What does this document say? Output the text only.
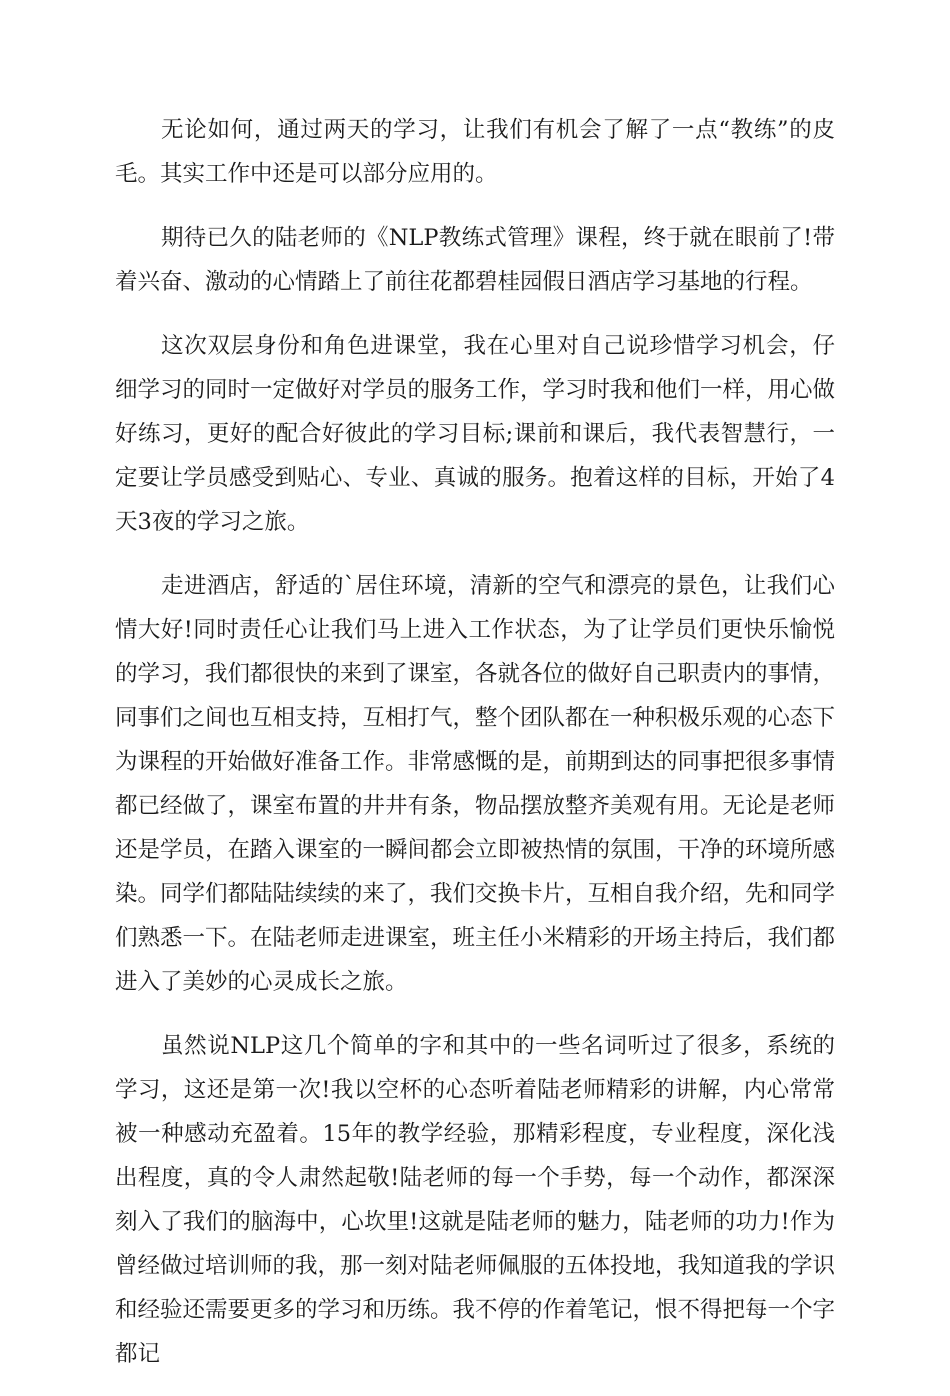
无论如何，通过两天的学习，让我们有机会了解了一点“教练”的皮毛。其实工作中还是可以部分应用的。

期待已久的陆老师的《NLP教练式管理》课程，终于就在眼前了!带着兴奋、激动的心情踏上了前往花都碧桂园假日酒店学习基地的行程。

这次双层身份和角色进课堂，我在心里对自己说珍惜学习机会，仔细学习的同时一定做好对学员的服务工作，学习时我和他们一样，用心做好练习，更好的配合好彼此的学习目标;课前和课后，我代表智慧行，一定要让学员感受到贴心、专业、真诚的服务。抱着这样的目标，开始了4天3夜的学习之旅。

走进酒店，舒适的`居住环境，清新的空气和漂亮的景色，让我们心情大好!同时责任心让我们马上进入工作状态，为了让学员们更快乐愉悦的学习，我们都很快的来到了课室，各就各位的做好自己职责内的事情，同事们之间也互相支持，互相打气，整个团队都在一种积极乐观的心态下为课程的开始做好准备工作。非常感慨的是，前期到达的同事把很多事情都已经做了，课室布置的井井有条，物品摆放整齐美观有用。无论是老师还是学员，在踏入课室的一瞬间都会立即被热情的氛围，干净的环境所感染。同学们都陆陆续续的来了，我们交换卡片，互相自我介绍，先和同学们熟悉一下。在陆老师走进课室，班主任小米精彩的开场主持后，我们都进入了美妙的心灵成长之旅。

虽然说NLP这几个简单的字和其中的一些名词听过了很多，系统的学习，这还是第一次!我以空杯的心态听着陆老师精彩的讲解，内心常常被一种感动充盈着。15年的教学经验，那精彩程度，专业程度，深化浅出程度，真的令人肃然起敬!陆老师的每一个手势，每一个动作，都深深刻入了我们的脑海中，心坎里!这就是陆老师的魅力，陆老师的功力!作为曾经做过培训师的我，那一刻对陆老师佩服的五体投地，我知道我的学识和经验还需要更多的学习和历练。我不停的作着笔记，恨不得把每一个字都记
